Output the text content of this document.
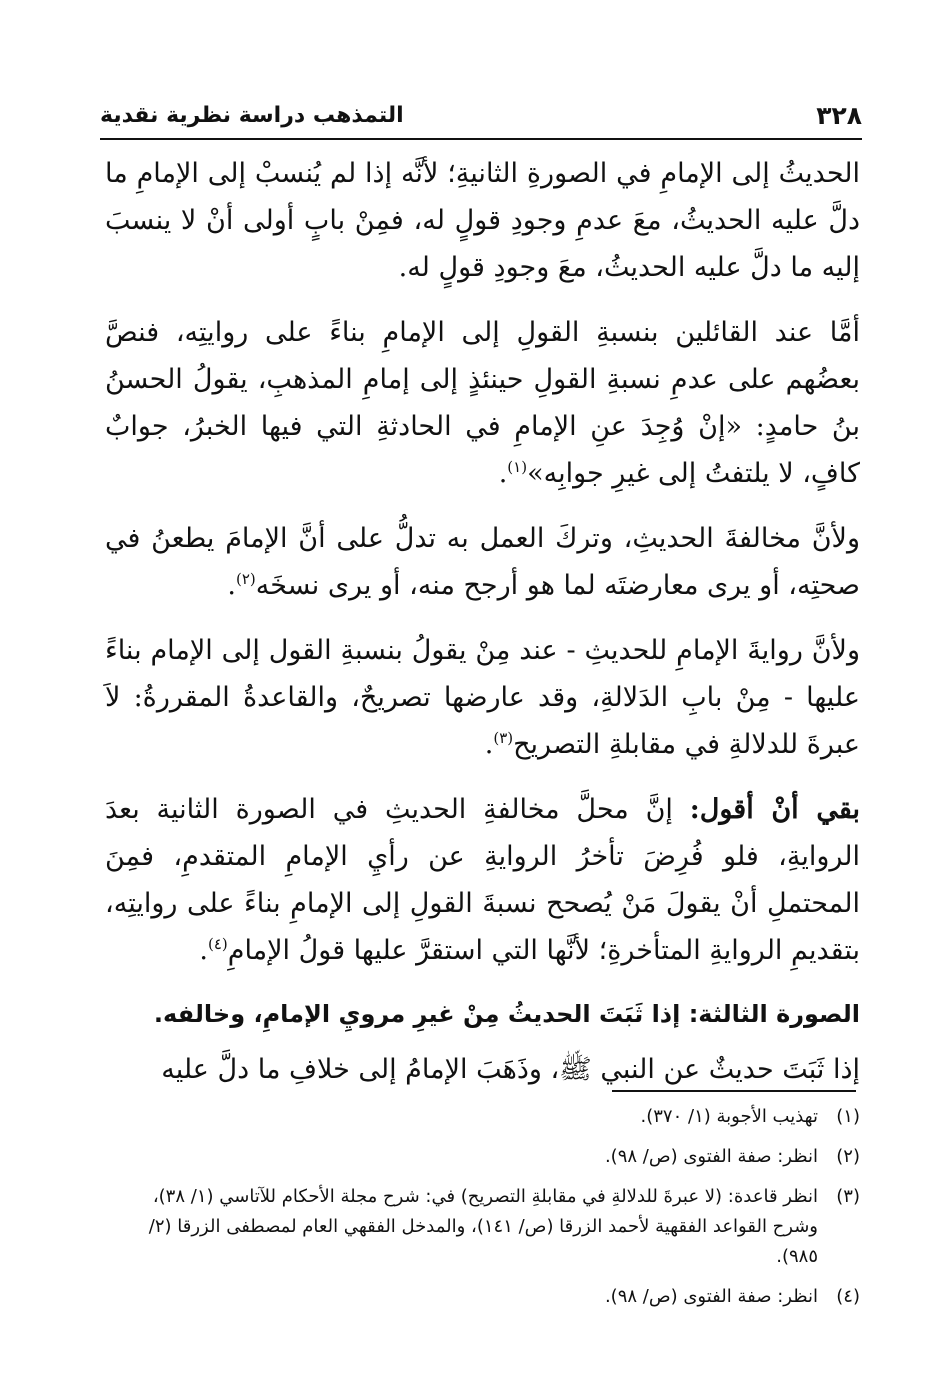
٣٢٨
التمذهب دراسة نظرية نقدية

الحديثُ إلى الإمامِ في الصورةِ الثانيةِ؛ لأنَّه إذا لم يُنسبْ إلى الإمامِ ما دلَّ عليه الحديثُ، معَ عدمِ وجودِ قولٍ له، فمِنْ بابٍ أولى أنْ لا ينسبَ إليه ما دلَّ عليه الحديثُ، معَ وجودِ قولٍ له.

أمَّا عند القائلين بنسبةِ القولِ إلى الإمامِ بناءً على روايتِه، فنصَّ بعضُهم على عدمِ نسبةِ القولِ حينئذٍ إلى إمامِ المذهبِ، يقولُ الحسنُ بنُ حامدٍ: «إنْ وُجِدَ عنِ الإمامِ في الحادثةِ التي فيها الخبرُ، جوابٌ كافٍ، لا يلتفتُ إلى غيرِ جوابِه»$^{(١)}$.

ولأنَّ مخالفةَ الحديثِ، وتركَ العمل به تدلُّ على أنَّ الإمامَ يطعنُ في صحتِه، أو يرى معارضتَه لما هو أرجح منه، أو يرى نسخَه$^{(٢)}$.

ولأنَّ روايةَ الإمامِ للحديثِ - عند مِنْ يقولُ بنسبةِ القول إلى الإمام بناءً عليها - مِنْ بابِ الدَلالةِ، وقد عارضها تصريحٌ، والقاعدةُ المقررةُ: لاَ عبرةَ للدلالةِ في مقابلةِ التصريح$^{(٣)}$.

بقي أنْ أقول: إنَّ محلَّ مخالفةِ الحديثِ في الصورة الثانية بعدَ الروايةِ، فلو فُرِضَ تأخرُ الروايةِ عن رأيِ الإمامِ المتقدمِ، فمِنَ المحتملِ أنْ يقولَ مَنْ يُصحح نسبةَ القولِ إلى الإمامِ بناءً على روايتِه، بتقديمِ الروايةِ المتأخرةِ؛ لأنَّها التي استقرَّ عليها قولُ الإمامِ$^{(٤)}$.

الصورة الثالثة: إذا ثَبَتَ الحديثُ مِنْ غيرِ مرويِ الإمامِ، وخالفه.

إذا ثَبَتَ حديثٌ عن النبي ﷺ، وذَهَبَ الإمامُ إلى خلافِ ما دلَّ عليه

(١)
تهذيب الأجوبة (١/ ٣٧٠).
(٢)
انظر: صفة الفتوى (ص/ ٩٨).
(٣)
انظر قاعدة: (لا عبرةَ للدلالةِ في مقابلةِ التصريح) في: شرح مجلة الأحكام للآتاسي (١/ ٣٨)، وشرح القواعد الفقهية لأحمد الزرقا (ص/ ١٤١)، والمدخل الفقهي العام لمصطفى الزرقا (٢/ ٩٨٥).
(٤)
انظر: صفة الفتوى (ص/ ٩٨).
